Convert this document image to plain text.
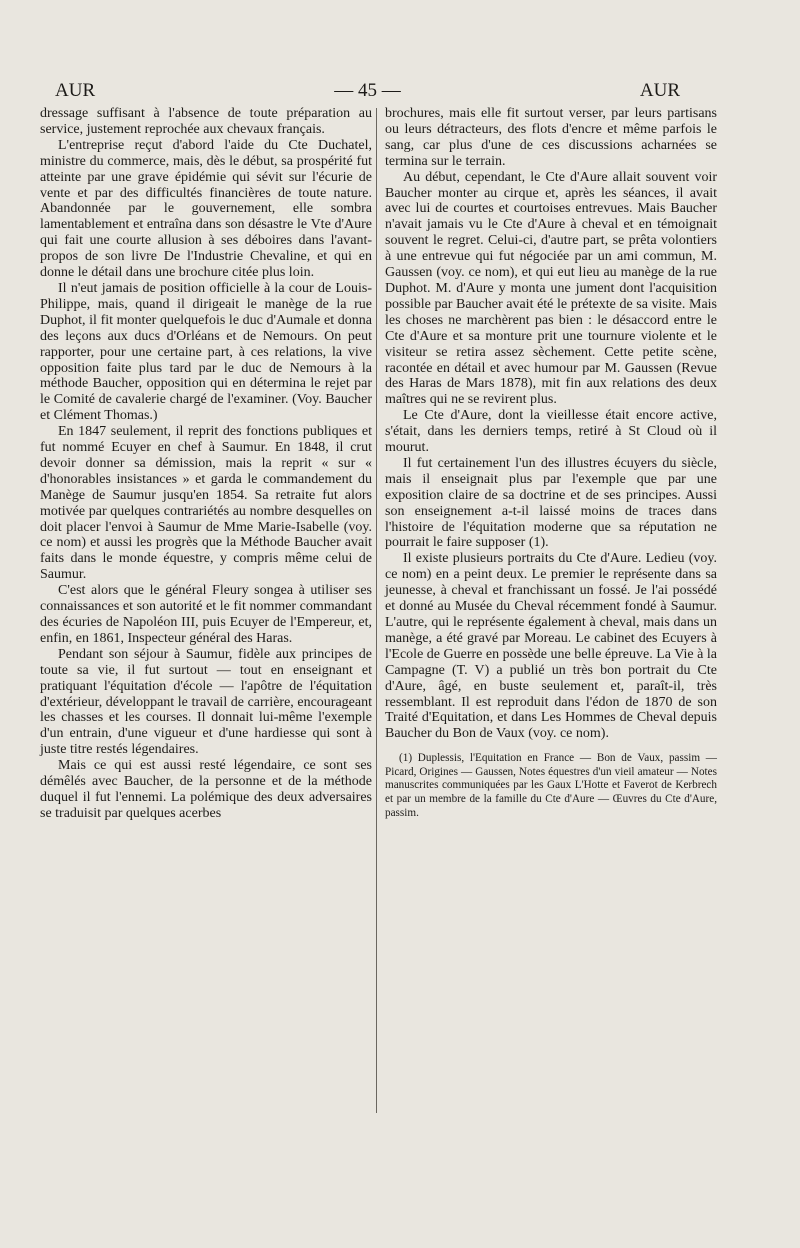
AUR	— 45 —	AUR

dressage suffisant à l'absence de toute préparation au service, justement reprochée aux chevaux français.

L'entreprise reçut d'abord l'aide du Cte Duchatel, ministre du commerce, mais, dès le début, sa prospérité fut atteinte par une grave épidémie qui sévit sur l'écurie de vente et par des difficultés financières de toute nature. Abandonnée par le gouvernement, elle sombra lamentablement et entraîna dans son désastre le Vte d'Aure qui fait une courte allusion à ses déboires dans l'avant-propos de son livre De l'Industrie Chevaline, et qui en donne le détail dans une brochure citée plus loin.

Il n'eut jamais de position officielle à la cour de Louis-Philippe, mais, quand il dirigeait le manège de la rue Duphot, il fit monter quelquefois le duc d'Aumale et donna des leçons aux ducs d'Orléans et de Nemours. On peut rapporter, pour une certaine part, à ces relations, la vive opposition faite plus tard par le duc de Nemours à la méthode Baucher, opposition qui en détermina le rejet par le Comité de cavalerie chargé de l'examiner. (Voy. Baucher et Clément Thomas.)

En 1847 seulement, il reprit des fonctions publiques et fut nommé Ecuyer en chef à Saumur. En 1848, il crut devoir donner sa démission, mais la reprit « sur « d'honorables insistances » et garda le commandement du Manège de Saumur jusqu'en 1854. Sa retraite fut alors motivée par quelques contrariétés au nombre desquelles on doit placer l'envoi à Saumur de Mme Marie-Isabelle (voy. ce nom) et aussi les progrès que la Méthode Baucher avait faits dans le monde équestre, y compris même celui de Saumur.

C'est alors que le général Fleury songea à utiliser ses connaissances et son autorité et le fit nommer commandant des écuries de Napoléon III, puis Ecuyer de l'Empereur, et, enfin, en 1861, Inspecteur général des Haras.

Pendant son séjour à Saumur, fidèle aux principes de toute sa vie, il fut surtout — tout en enseignant et pratiquant l'équitation d'école — l'apôtre de l'équitation d'extérieur, développant le travail de carrière, encourageant les chasses et les courses. Il donnait lui-même l'exemple d'un entrain, d'une vigueur et d'une hardiesse qui sont à juste titre restés légendaires.

Mais ce qui est aussi resté légendaire, ce sont ses démêlés avec Baucher, de la personne et de la méthode duquel il fut l'ennemi. La polémique des deux adversaires se traduisit par quelques acerbes

brochures, mais elle fit surtout verser, par leurs partisans ou leurs détracteurs, des flots d'encre et même parfois le sang, car plus d'une de ces discussions acharnées se termina sur le terrain.

Au début, cependant, le Cte d'Aure allait souvent voir Baucher monter au cirque et, après les séances, il avait avec lui de courtes et courtoises entrevues. Mais Baucher n'avait jamais vu le Cte d'Aure à cheval et en témoignait souvent le regret. Celui-ci, d'autre part, se prêta volontiers à une entrevue qui fut négociée par un ami commun, M. Gaussen (voy. ce nom), et qui eut lieu au manège de la rue Duphot. M. d'Aure y monta une jument dont l'acquisition possible par Baucher avait été le prétexte de sa visite. Mais les choses ne marchèrent pas bien : le désaccord entre le Cte d'Aure et sa monture prit une tournure violente et le visiteur se retira assez sèchement. Cette petite scène, racontée en détail et avec humour par M. Gaussen (Revue des Haras de Mars 1878), mit fin aux relations des deux maîtres qui ne se revirent plus.

Le Cte d'Aure, dont la vieillesse était encore active, s'était, dans les derniers temps, retiré à St Cloud où il mourut.

Il fut certainement l'un des illustres écuyers du siècle, mais il enseignait plus par l'exemple que par une exposition claire de sa doctrine et de ses principes. Aussi son enseignement a-t-il laissé moins de traces dans l'histoire de l'équitation moderne que sa réputation ne pourrait le faire supposer (1).

Il existe plusieurs portraits du Cte d'Aure. Ledieu (voy. ce nom) en a peint deux. Le premier le représente dans sa jeunesse, à cheval et franchissant un fossé. Je l'ai possédé et donné au Musée du Cheval récemment fondé à Saumur. L'autre, qui le représente également à cheval, mais dans un manège, a été gravé par Moreau. Le cabinet des Ecuyers à l'Ecole de Guerre en possède une belle épreuve. La Vie à la Campagne (T. V) a publié un très bon portrait du Cte d'Aure, âgé, en buste seulement et, paraît-il, très ressemblant. Il est reproduit dans l'édon de 1870 de son Traité d'Equitation, et dans Les Hommes de Cheval depuis Baucher du Bon de Vaux (voy. ce nom).

(1) Duplessis, l'Equitation en France — Bon de Vaux, passim — Picard, Origines — Gaussen, Notes équestres d'un vieil amateur — Notes manuscrites communiquées par les Gaux L'Hotte et Faverot de Kerbrech et par un membre de la famille du Cte d'Aure — Œuvres du Cte d'Aure, passim.
